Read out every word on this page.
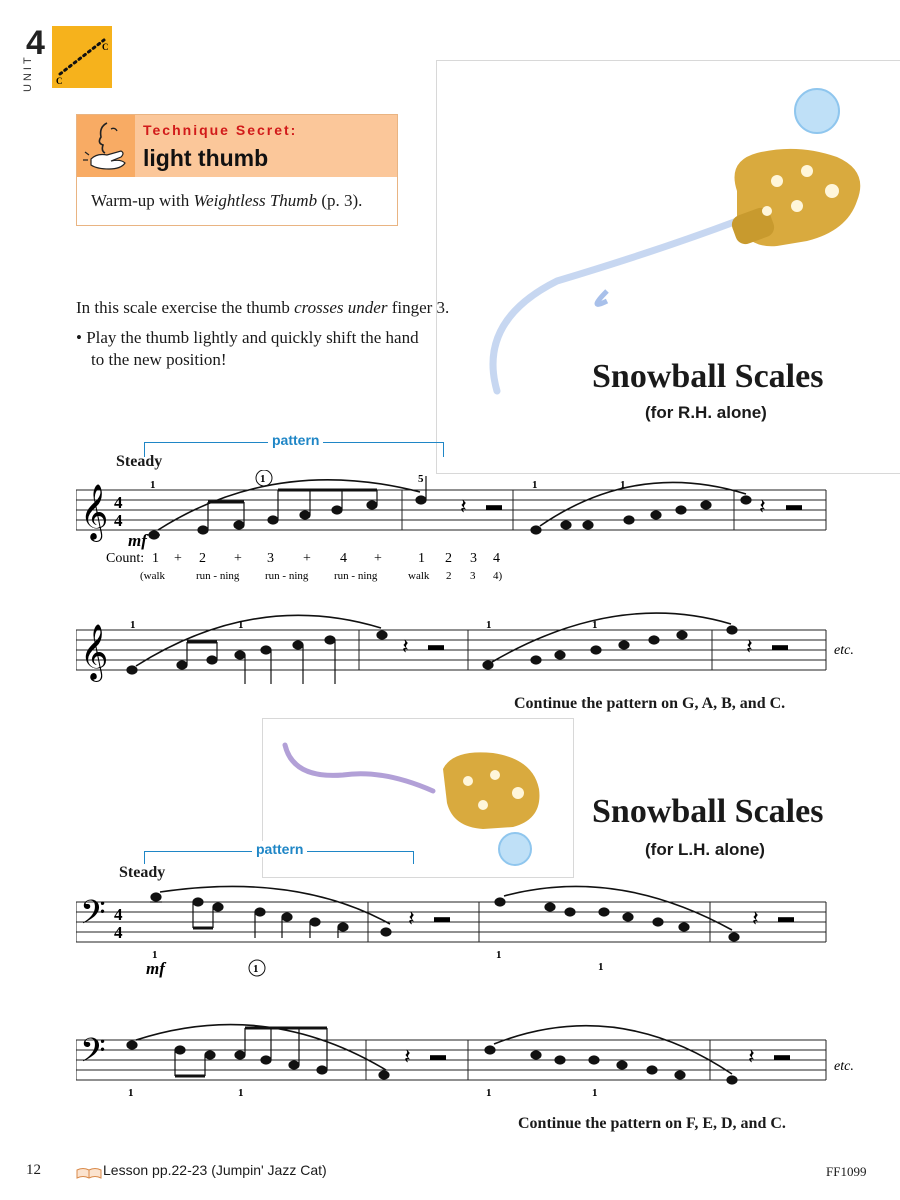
4
UNIT C
C
Technique Secret:
light thumb
Warm-up with Weightless Thumb (p. 3).
Snowball Scales
(for R.H. alone)
In this scale exercise the thumb crosses under finger 3.
• Play the thumb lightly and quickly shift the hand
to the new position!
pattern
Steady
𝄞 4
4
𝄽 ▬	𝄽 ▬
mf
1	1	5	1	1
Count: 1 + 2 + 3 + 4 +	1 2 3 4
(walk	run - ning run - ning run - ning	walk 2 3 4)
𝄞	𝄽 ▬	𝄽 ▬
1	1	1	1
etc.
Continue the pattern on G, A, B, and C.
Snowball Scales
(for L.H. alone)
pattern
Steady
𝄢 4
4
𝄽 ▬	𝄽 ▬
1
1
1
1
mf
𝄢	𝄽 ▬	𝄽 ▬
1	1	1	1
etc.
Continue the pattern on F, E, D, and C.
12	Lesson pp.22-23 (Jumpin' Jazz Cat)	FF1099
